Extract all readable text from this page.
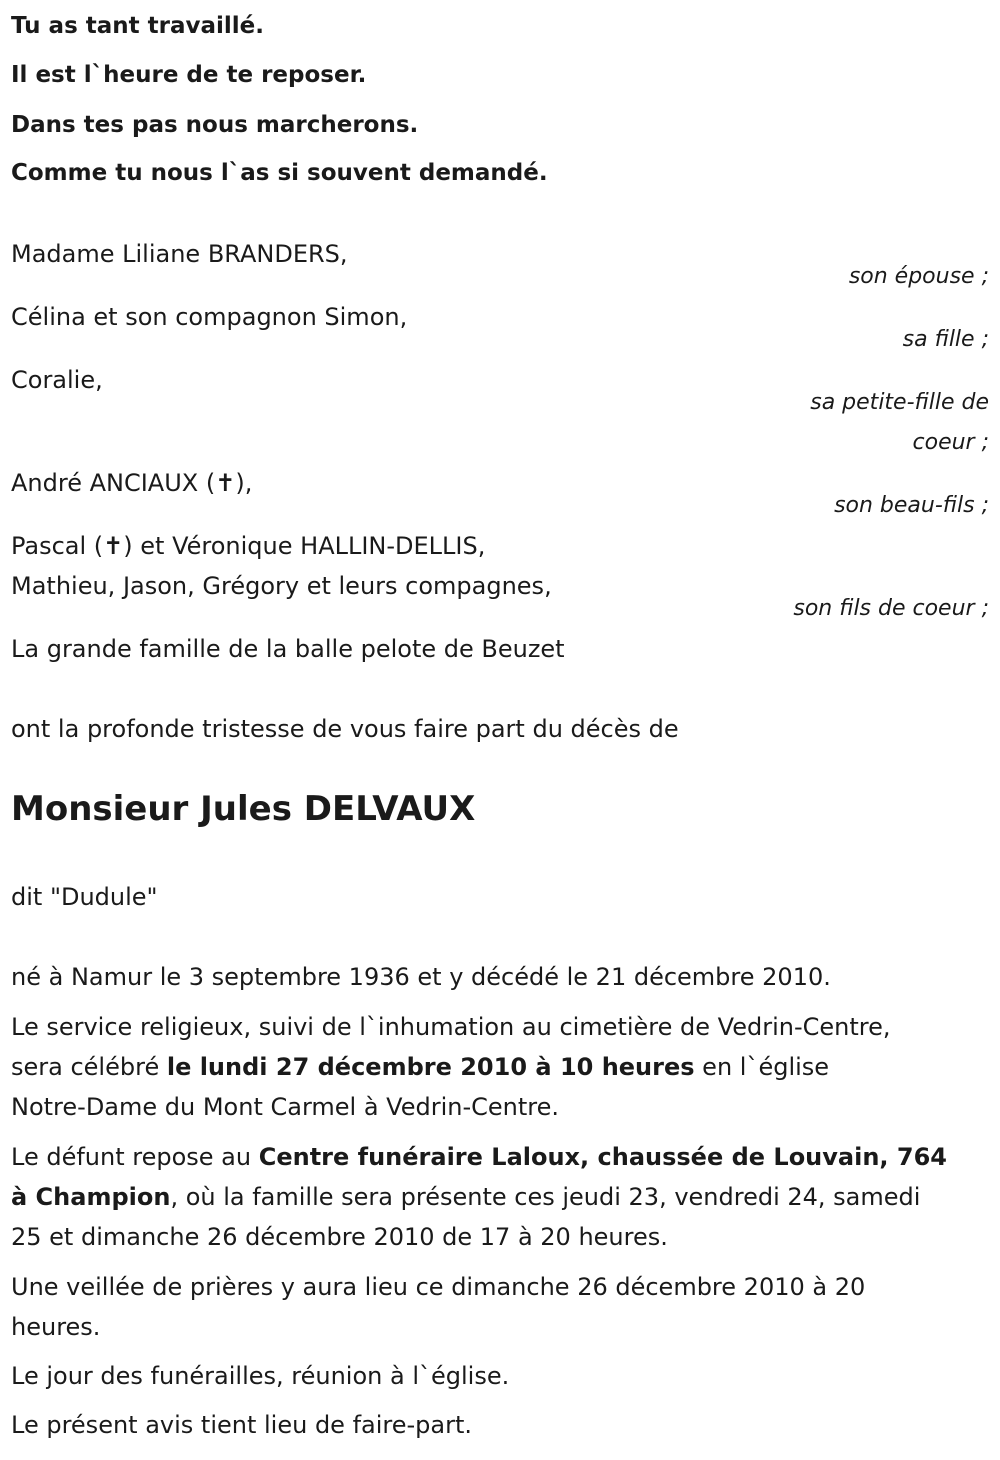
Tu as tant travaillé.
Il est l`heure de te reposer.
Dans tes pas nous marcherons.
Comme tu nous l`as si souvent demandé.
Madame Liliane BRANDERS,
son épouse ;
Célina et son compagnon Simon,
sa fille ;
Coralie,
sa petite-fille de
coeur ;
André ANCIAUX (✝),
son beau-fils ;
Pascal (✝) et Véronique HALLIN-DELLIS,
Mathieu, Jason, Grégory et leurs compagnes,
son fils de coeur ;
La grande famille de la balle pelote de Beuzet
ont la profonde tristesse de vous faire part du décès de
Monsieur Jules DELVAUX
dit "Dudule"
né à Namur le 3 septembre 1936 et y décédé le 21 décembre 2010.
Le service religieux, suivi de l`inhumation au cimetière de Vedrin-Centre,
sera célébré le lundi 27 décembre 2010 à 10 heures en l`église
Notre-Dame du Mont Carmel à Vedrin-Centre.
Le défunt repose au Centre funéraire Laloux, chaussée de Louvain, 764
à Champion, où la famille sera présente ces jeudi 23, vendredi 24, samedi
25 et dimanche 26 décembre 2010 de 17 à 20 heures.
Une veillée de prières y aura lieu ce dimanche 26 décembre 2010 à 20
heures.
Le jour des funérailles, réunion à l`église.
Le présent avis tient lieu de faire-part.
